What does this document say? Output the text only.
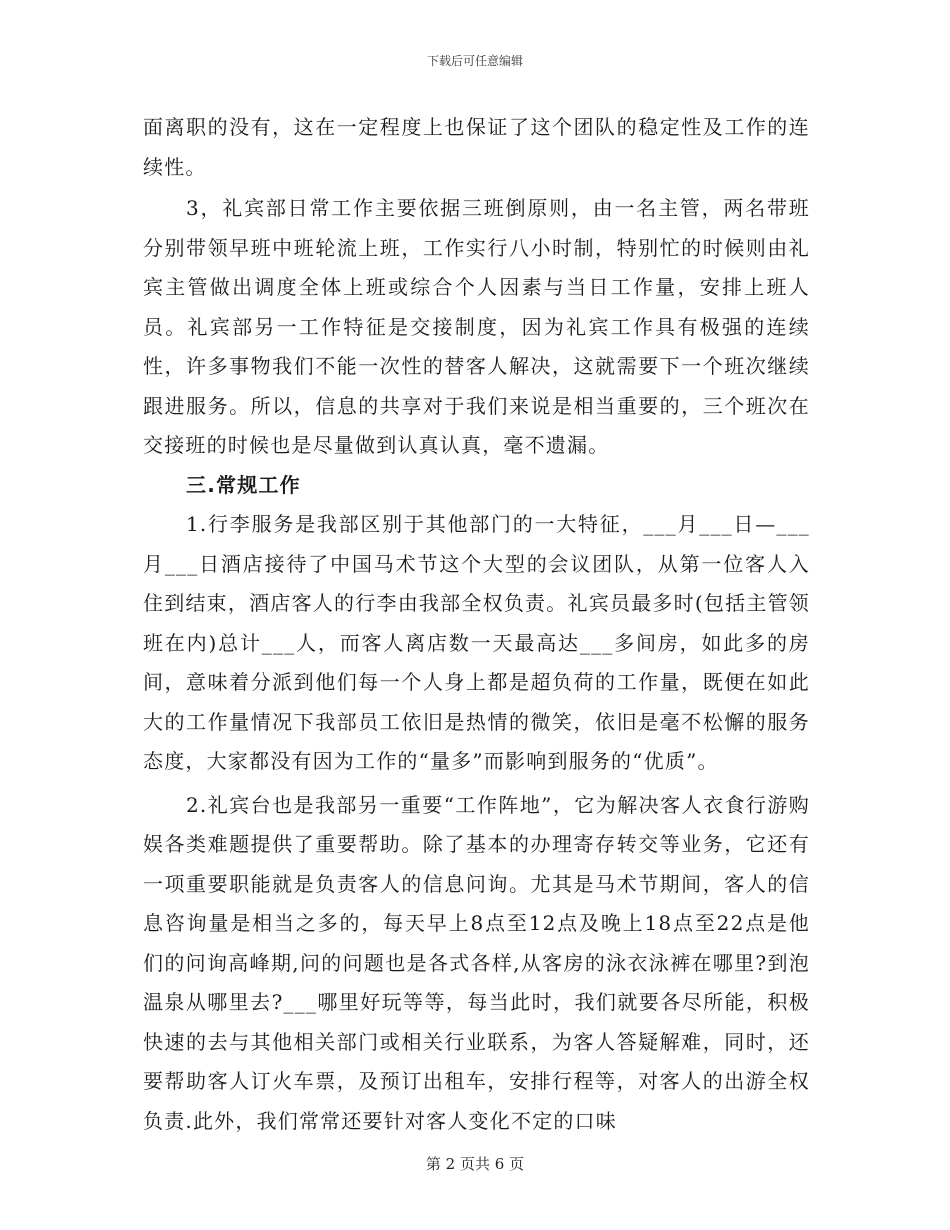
下载后可任意编辑

面离职的没有，这在一定程度上也保证了这个团队的稳定性及工作的连续性。

3，礼宾部日常工作主要依据三班倒原则，由一名主管，两名带班分别带领早班中班轮流上班，工作实行八小时制，特别忙的时候则由礼宾主管做出调度全体上班或综合个人因素与当日工作量，安排上班人员。礼宾部另一工作特征是交接制度，因为礼宾工作具有极强的连续性，许多事物我们不能一次性的替客人解决，这就需要下一个班次继续跟进服务。所以，信息的共享对于我们来说是相当重要的，三个班次在交接班的时候也是尽量做到认真认真，毫不遗漏。

三.常规工作

1.行李服务是我部区别于其他部门的一大特征，___月___日—___月___日酒店接待了中国马术节这个大型的会议团队，从第一位客人入住到结束，酒店客人的行李由我部全权负责。礼宾员最多时(包括主管领班在内)总计___人，而客人离店数一天最高达___多间房，如此多的房间，意味着分派到他们每一个人身上都是超负荷的工作量，既便在如此大的工作量情况下我部员工依旧是热情的微笑，依旧是毫不松懈的服务态度，大家都没有因为工作的“量多”而影响到服务的“优质”。

2.礼宾台也是我部另一重要“工作阵地”，它为解决客人衣食行游购娱各类难题提供了重要帮助。除了基本的办理寄存转交等业务，它还有一项重要职能就是负责客人的信息问询。尤其是马术节期间，客人的信息咨询量是相当之多的，每天早上8点至12点及晚上18点至22点是他们的问询高峰期,问的问题也是各式各样,从客房的泳衣泳裤在哪里?到泡温泉从哪里去?___哪里好玩等等，每当此时，我们就要各尽所能，积极快速的去与其他相关部门或相关行业联系，为客人答疑解难，同时，还要帮助客人订火车票，及预订出租车，安排行程等，对客人的出游全权负责.此外，我们常常还要针对客人变化不定的口味

第 2 页共 6 页
